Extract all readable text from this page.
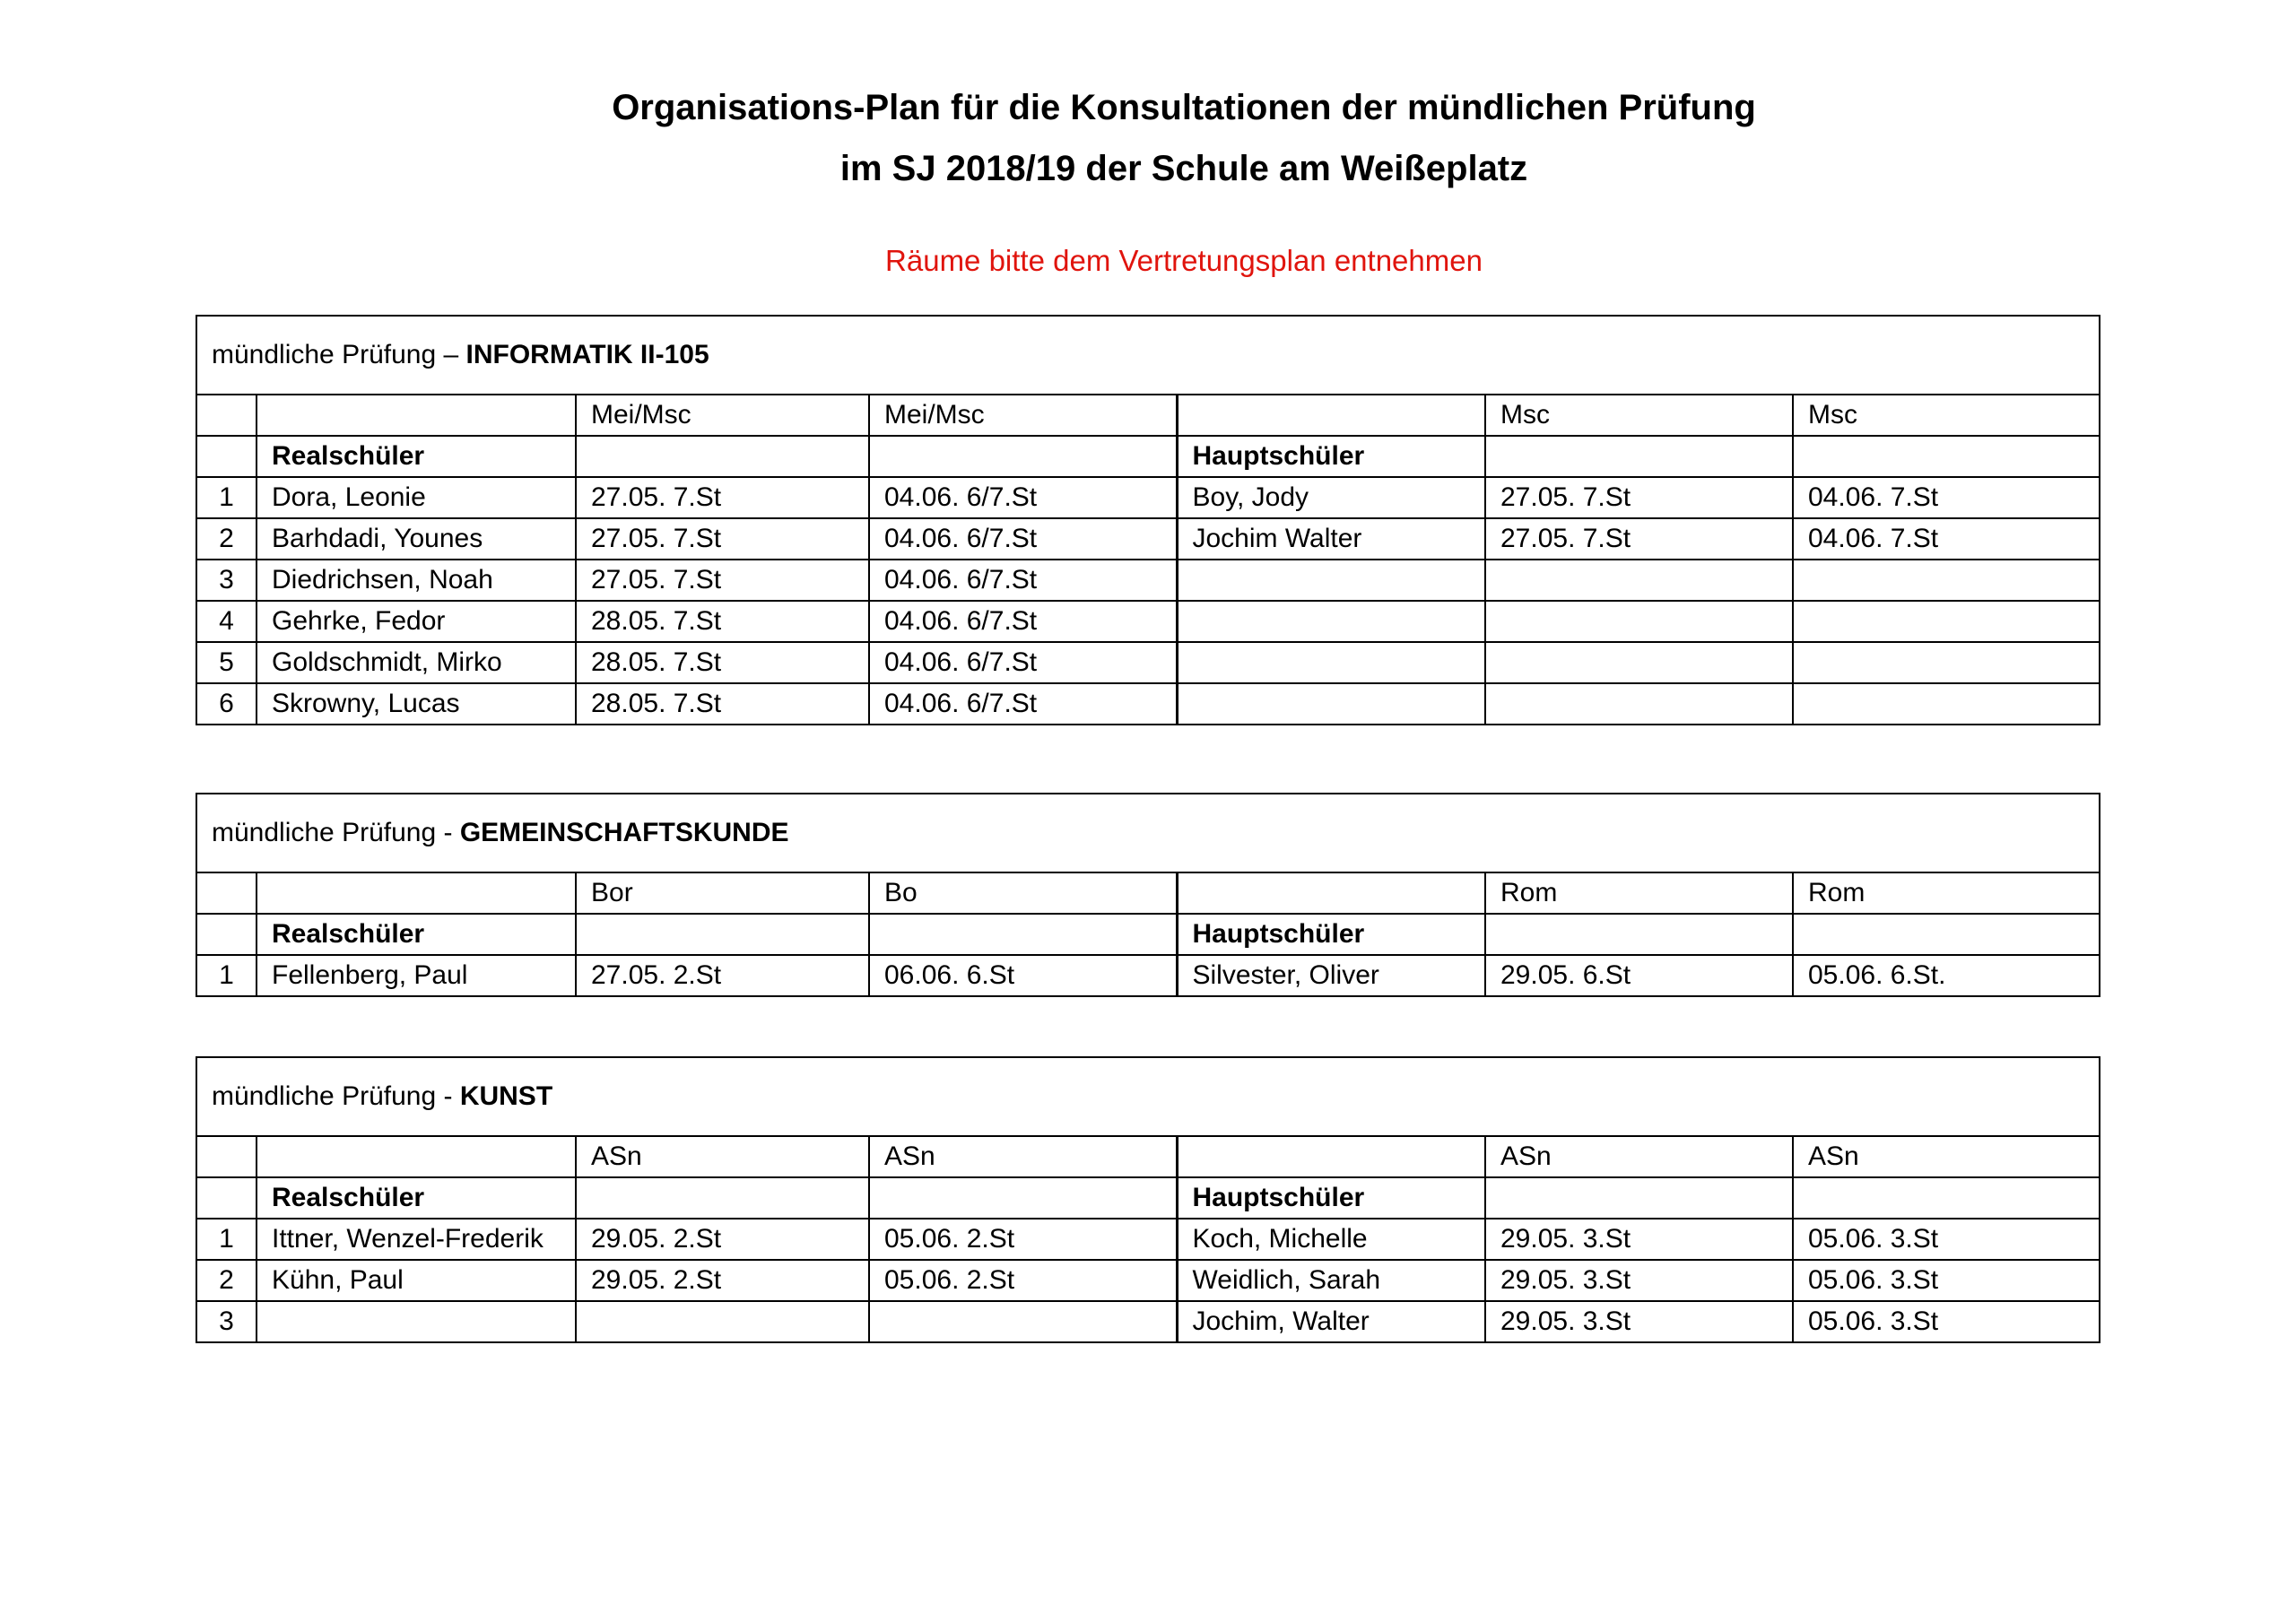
Organisations-Plan für die Konsultationen der mündlichen Prüfung
im SJ 2018/19 der Schule am Weißeplatz
Räume bitte dem Vertretungsplan entnehmen
mündliche Prüfung – INFORMATIK II-105						
		Mei/Msc	Mei/Msc		Msc	Msc
	Realschüler			Hauptschüler		
1	Dora, Leonie	27.05. 7.St	04.06. 6/7.St	Boy, Jody	27.05. 7.St	04.06. 7.St
2	Barhdadi, Younes	27.05. 7.St	04.06. 6/7.St	Jochim Walter	27.05. 7.St	04.06. 7.St
3	Diedrichsen, Noah	27.05. 7.St	04.06. 6/7.St			
4	Gehrke, Fedor	28.05. 7.St	04.06. 6/7.St			
5	Goldschmidt, Mirko	28.05. 7.St	04.06. 6/7.St			
6	Skrowny, Lucas	28.05. 7.St	04.06. 6/7.St			
mündliche Prüfung - GEMEINSCHAFTSKUNDE						
		Bor	Bo		Rom	Rom
	Realschüler			Hauptschüler		
1	Fellenberg, Paul	27.05. 2.St	06.06. 6.St	Silvester, Oliver	29.05. 6.St	05.06. 6.St.
mündliche Prüfung - KUNST						
		ASn	ASn		ASn	ASn
	Realschüler			Hauptschüler		
1	Ittner, Wenzel-Frederik	29.05. 2.St	05.06. 2.St	Koch, Michelle	29.05. 3.St	05.06. 3.St
2	Kühn, Paul	29.05. 2.St	05.06. 2.St	Weidlich, Sarah	29.05. 3.St	05.06. 3.St
3				Jochim, Walter	29.05. 3.St	05.06. 3.St
